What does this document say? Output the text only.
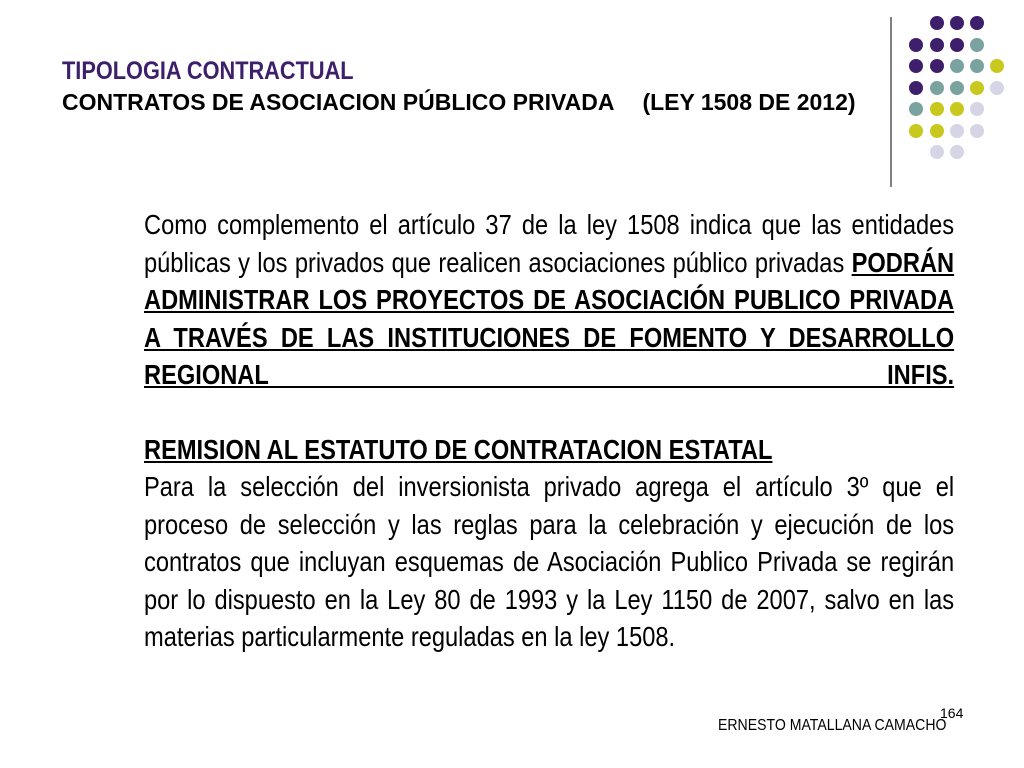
TIPOLOGIA CONTRACTUAL
CONTRATOS DE ASOCIACION PÚBLICO PRIVADA (LEY 1508 DE 2012)
Como complemento el artículo 37 de la ley 1508 indica que las entidades públicas y los privados que realicen asociaciones público privadas PODRÁN ADMINISTRAR LOS PROYECTOS DE ASOCIACIÓN PUBLICO PRIVADA A TRAVÉS DE LAS INSTITUCIONES DE FOMENTO Y DESARROLLO REGIONAL INFIS.
REMISION AL ESTATUTO DE CONTRATACION ESTATAL
Para la selección del inversionista privado agrega el artículo 3º que el proceso de selección y las reglas para la celebración y ejecución de los contratos que incluyan esquemas de Asociación Publico Privada se regirán por lo dispuesto en la Ley 80 de 1993 y la Ley 1150 de 2007, salvo en las materias particularmente reguladas en la ley 1508.
ERNESTO MATALLANA CAMACHO
164
